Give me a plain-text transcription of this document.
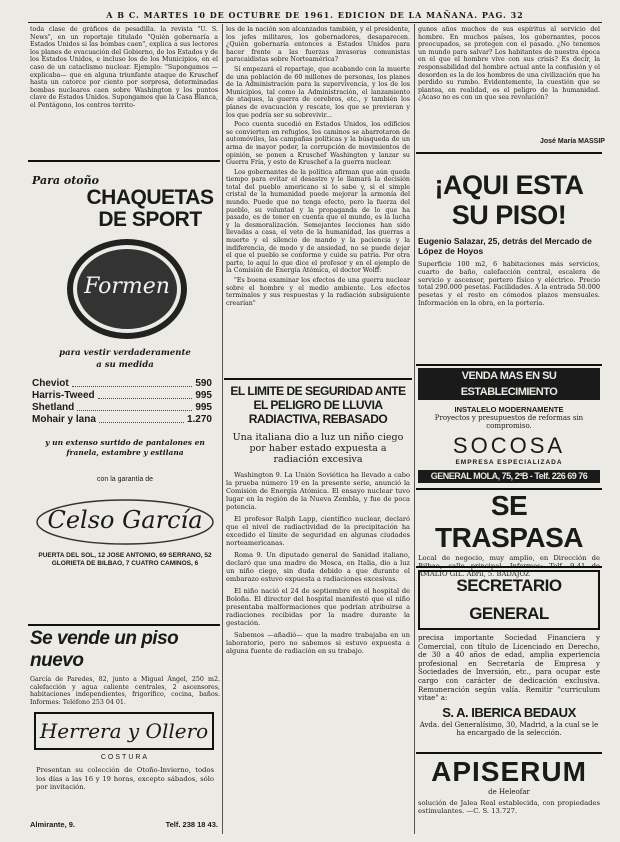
A B C. MARTES 10 DE OCTUBRE DE 1961. EDICION DE LA MAÑANA. PAG. 32
toda clase de gráficos de pesadilla. la revista "U. S. News", en un reportaje titulado "Quién gobernaría a Estados Unidos si las bombas caen", explica a sus lectores los planes de evacuación del Gobierno, de los Estados y de los Estados Unidos, e incluso los de los Municipios, en el caso de un cataclismo nuclear. Ejemplo: "Supongamos —explicaba— que en alguna triunfante ataque de Kruschef hasta un catorce por ciento por sorpresa, determinadas bombas nucleares caen sobre Washington y los puntos clave de Estados Unidos. Supongamos que la Casa Blanca, el Pentágono, los centros territo-
Para otoño
CHAQUETAS
DE SPORT
Formen
para vestir verdaderamente
a su medida
Cheviot	590
Harris-Tweed	995
Shetland	995
Mohair y lana	1.270
y un extenso surtido de pantalones en franela, estambre y estilana
con la garantía de
Celso García
PUERTA DEL SOL, 12 JOSE ANTONIO, 69 SERRANO, 52 GLORIETA DE BILBAO, 7 CUATRO CAMINOS, 6
Se vende un piso nuevo
García de Paredes, 82, junto a Miguel Ángel, 250 m2. calefacción y agua caliente centrales, 2 ascensores, habitaciones independientes, frigorífico, cocina, baños. Informes: Teléfono 253 04 01.
Herrera y Ollero
COSTURA
Presentan su colección de Otoño-Invierno, todos los días a las 16 y 19 horas, excepto sábados, sólo por invitación.
Almirante, 9.	Telf. 238 18 43.

les de la nación son alcanzados también, y el presidente, los jefes militares, los gobernadores, desaparecen. ¿Quién gobernaría entonces a Estados Unidos para hacer frente a las fuerzas invasoras comunistas paracaidistas sobre Norteamérica?

Sí empezará el repartaje, que acabando con la muerte de una población de 60 millones de personas, los planes de la Administración para la supervivencia, y los de los Municipios, tal como la Administración, el lanzamiento de ataques, la guerra de cerebros, etc., y también los planes de evacuación y rescate, los que se previeran y los que podría ser su sobrevivir...

Poco cuenta sucedió en Estados Unidos, los edificios se convierten en refugios, los caminos se abarrotaron de automóviles, las campañas políticas y la búsqueda de un arma de mayor poder, la corrupción de movimientos de opinión, se ponen a Kruschef Washington y lanzar su Guerra Fría, y esto de Kruschef a la guerra nuclear.

Los gobernantes de la política afirman que aún queda tiempo para evitar el desastre y le llamará la decisión total del pueblo americano si lo sabe y, si el simple cristal de la humanidad puede mejorar la armonía del mundo. Puede que no tenga efecto, pero la fuerza del pueblo, su voluntad y la propaganda de lo que ha pasado, es de tener en cuenta que el mundo, es la lucha y la desmoralización. Semejantes lecciones han sido llevadas a casa, el veto de la humanidad, las guerras a muerte y el silencio de mando y la paciencia y la indiferencia, de modo y de ansiedad, no se puede dejar el que el pueblo se conforme y cuide su patria. Por otra parte, lo aquí lo que dice el profesor y en el ejemplo de la Comisión de Energía Atómica, el doctor Wolff:

"Es buena examinar los efectos de una guerra nuclear sobre el hombre y el medio ambiente. Los efectos terminales y sus respuestas y la radiación subsiguiente crearían"

EL LIMITE DE SEGURIDAD ANTE EL PELIGRO DE LLUVIA RADIACTIVA, REBASADO
Una italiana dio a luz un niño ciego por haber estado expuesta a radiación excesiva

Washington 9. La Unión Soviética ha llevado a cabo la prueba número 19 en la presente serie, anunció la Comisión de Energía Atómica. El ensayo nuclear tuvo lugar en la región de la Nueva Zembla, y fue de poca potencia.

El profesor Ralph Lapp, científico nuclear, declaró que el nivel de radiactividad de la precipitación ha excedido el límite de seguridad en algunas ciudades norteamericanas.

Roma 9. Un diputado general de Sanidad italiano, declaró que una madre de Mosca, en Italia, dio a luz un niño ciego, sin duda debido a que durante el embarazo estuvo expuesta a radiaciones excesivas.

El niño nació el 24 de septiembre en el hospital de Boloña. El director del hospital manifestó que el niño presentaba malformaciones que podrían atribuirse a radiaciones recibidas por la madre durante la gestación.

Sabemos —añadió— que la madre trabajaba en un laboratorio, pero no sabemos si estuvo expuesta a alguna fuente de radiación en su trabajo.

gunos años muchos de sus espíritus al servicio del hombre. En muchos países, los gobernantes, pocos preocupados, se protegen con el pasado. ¿No tenemos un mundo para salvar? Los habitantes de nuestra época en el que el hombre vive con sus crisis? Es decir, la responsabilidad del hombre actual ante la confusión y el desorden es la de los hombres de una civilización que ha perdido su rumbo. Evidentemente, la cuestión que se plantea, en realidad, es el peligro de la humanidad. ¿Acaso no es con un que sea revolución?
José María MASSIP
¡AQUI ESTA
SU PISO!
Eugenio Salazar, 25, detrás del Mercado de López de Hoyos
Superficie 100 m2, 6 habitaciones más servicios, cuarto de baño, calefacción central, escalera de servicio y ascensor, portero físico y eléctrico. Precio total 290.000 pesetas. Facilidades. A la entrada 50.000 pesetas y el resto en cómodos plazos mensuales. Información en la obra, en la portería.
VENDA MAS EN SU ESTABLECIMIENTO
INSTALELO MODERNAMENTE
Proyectos y presupuestos de reformas sin compromiso.
SOCOSA
EMPRESA ESPECIALIZADA
GENERAL MOLA, 75, 2ºB - Telf. 226 69 76
SE TRASPASA
Local de negocio, muy amplio, en Dirección de Bilbao, calle principal. Informes: Telf. 9-41 de AMALIO GIL. Abril, 5. BADAJOZ
SECRETARIO GENERAL
precisa importante Sociedad Financiera y Comercial, con título de Licenciado en Derecho, de 30 a 40 años de edad, amplia experiencia profesional en Secretaría de Empresa y Sociedades de Inversión, etc., para ocupar este cargo con carácter de dedicación exclusiva. Remuneración según valía. Remitir "curriculum vitae" a:
S. A. IBERICA BEDAUX
Avda. del Generalísimo, 30, Madrid, a la cual se le ha encargado de la selección.
APISERUM
de Heleofar
solución de Jalea Real establecida, con propiedades estimulantes. —C. S. 13.727.
